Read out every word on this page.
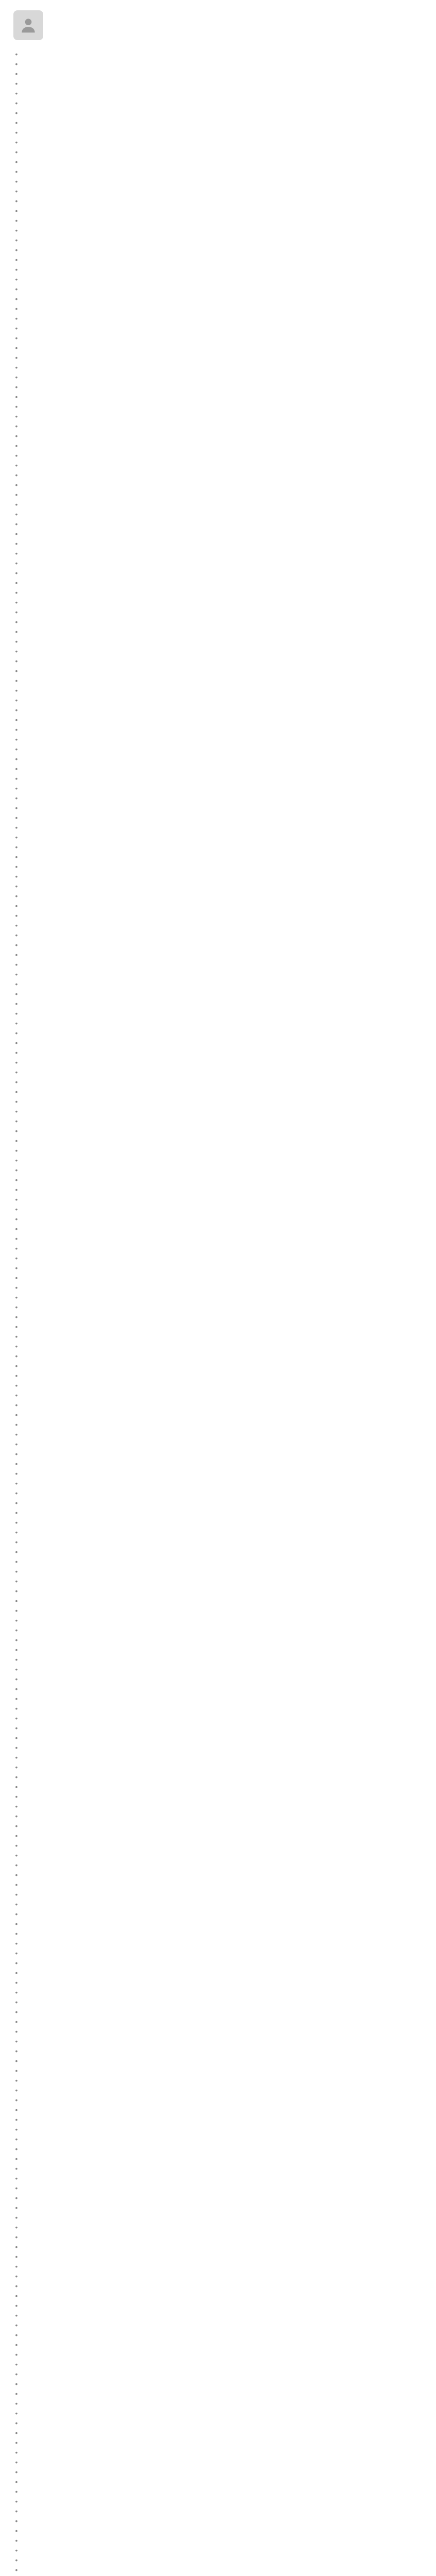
•
•
•
•
•
•
•
•
•
•
•
•
•
•
•
•
•
•
•
•
•
•
•
•
•
•
•
•
•
•
•
•
•
•
•
•
•
•
•
•
•
•
•
•
•
•
•
•
•
•
•
•
•
•
•
•
•
•
•
•
•
•
•
•
•
•
•
•
•
•
•
•
•
•
•
•
•
•
•
•
•
•
•
•
•
•
•
•
•
•
•
•
•
•
•
•
•
•
•
•
•
•
•
•
•
•
•
•
•
•
•
•
•
•
•
•
•
•
•
•
•
•
•
•
•
•
•
•
•
•
•
•
•
•
•
•
•
•
•
•
•
•
•
•
•
•
•
•
•
•
•
•
•
•
•
•
•
•
•
•
•
•
•
•
•
•
•
•
•
•
•
•
•
•
•
•
•
•
•
•
•
•
•
•
•
•
•
•
•
•
•
•
•
•
•
•
•
•
•
•
•
•
•
•
•
•
•
•
•
•
•
•
•
•
•
•
•
•
•
•
•
•
•
•
•
•
•
•
•
•
•
•
•
•
•
•
•
•
•
•
•
•
•
•
•
•
•
•
•
•
•
•
•
•
•
•
•
•
